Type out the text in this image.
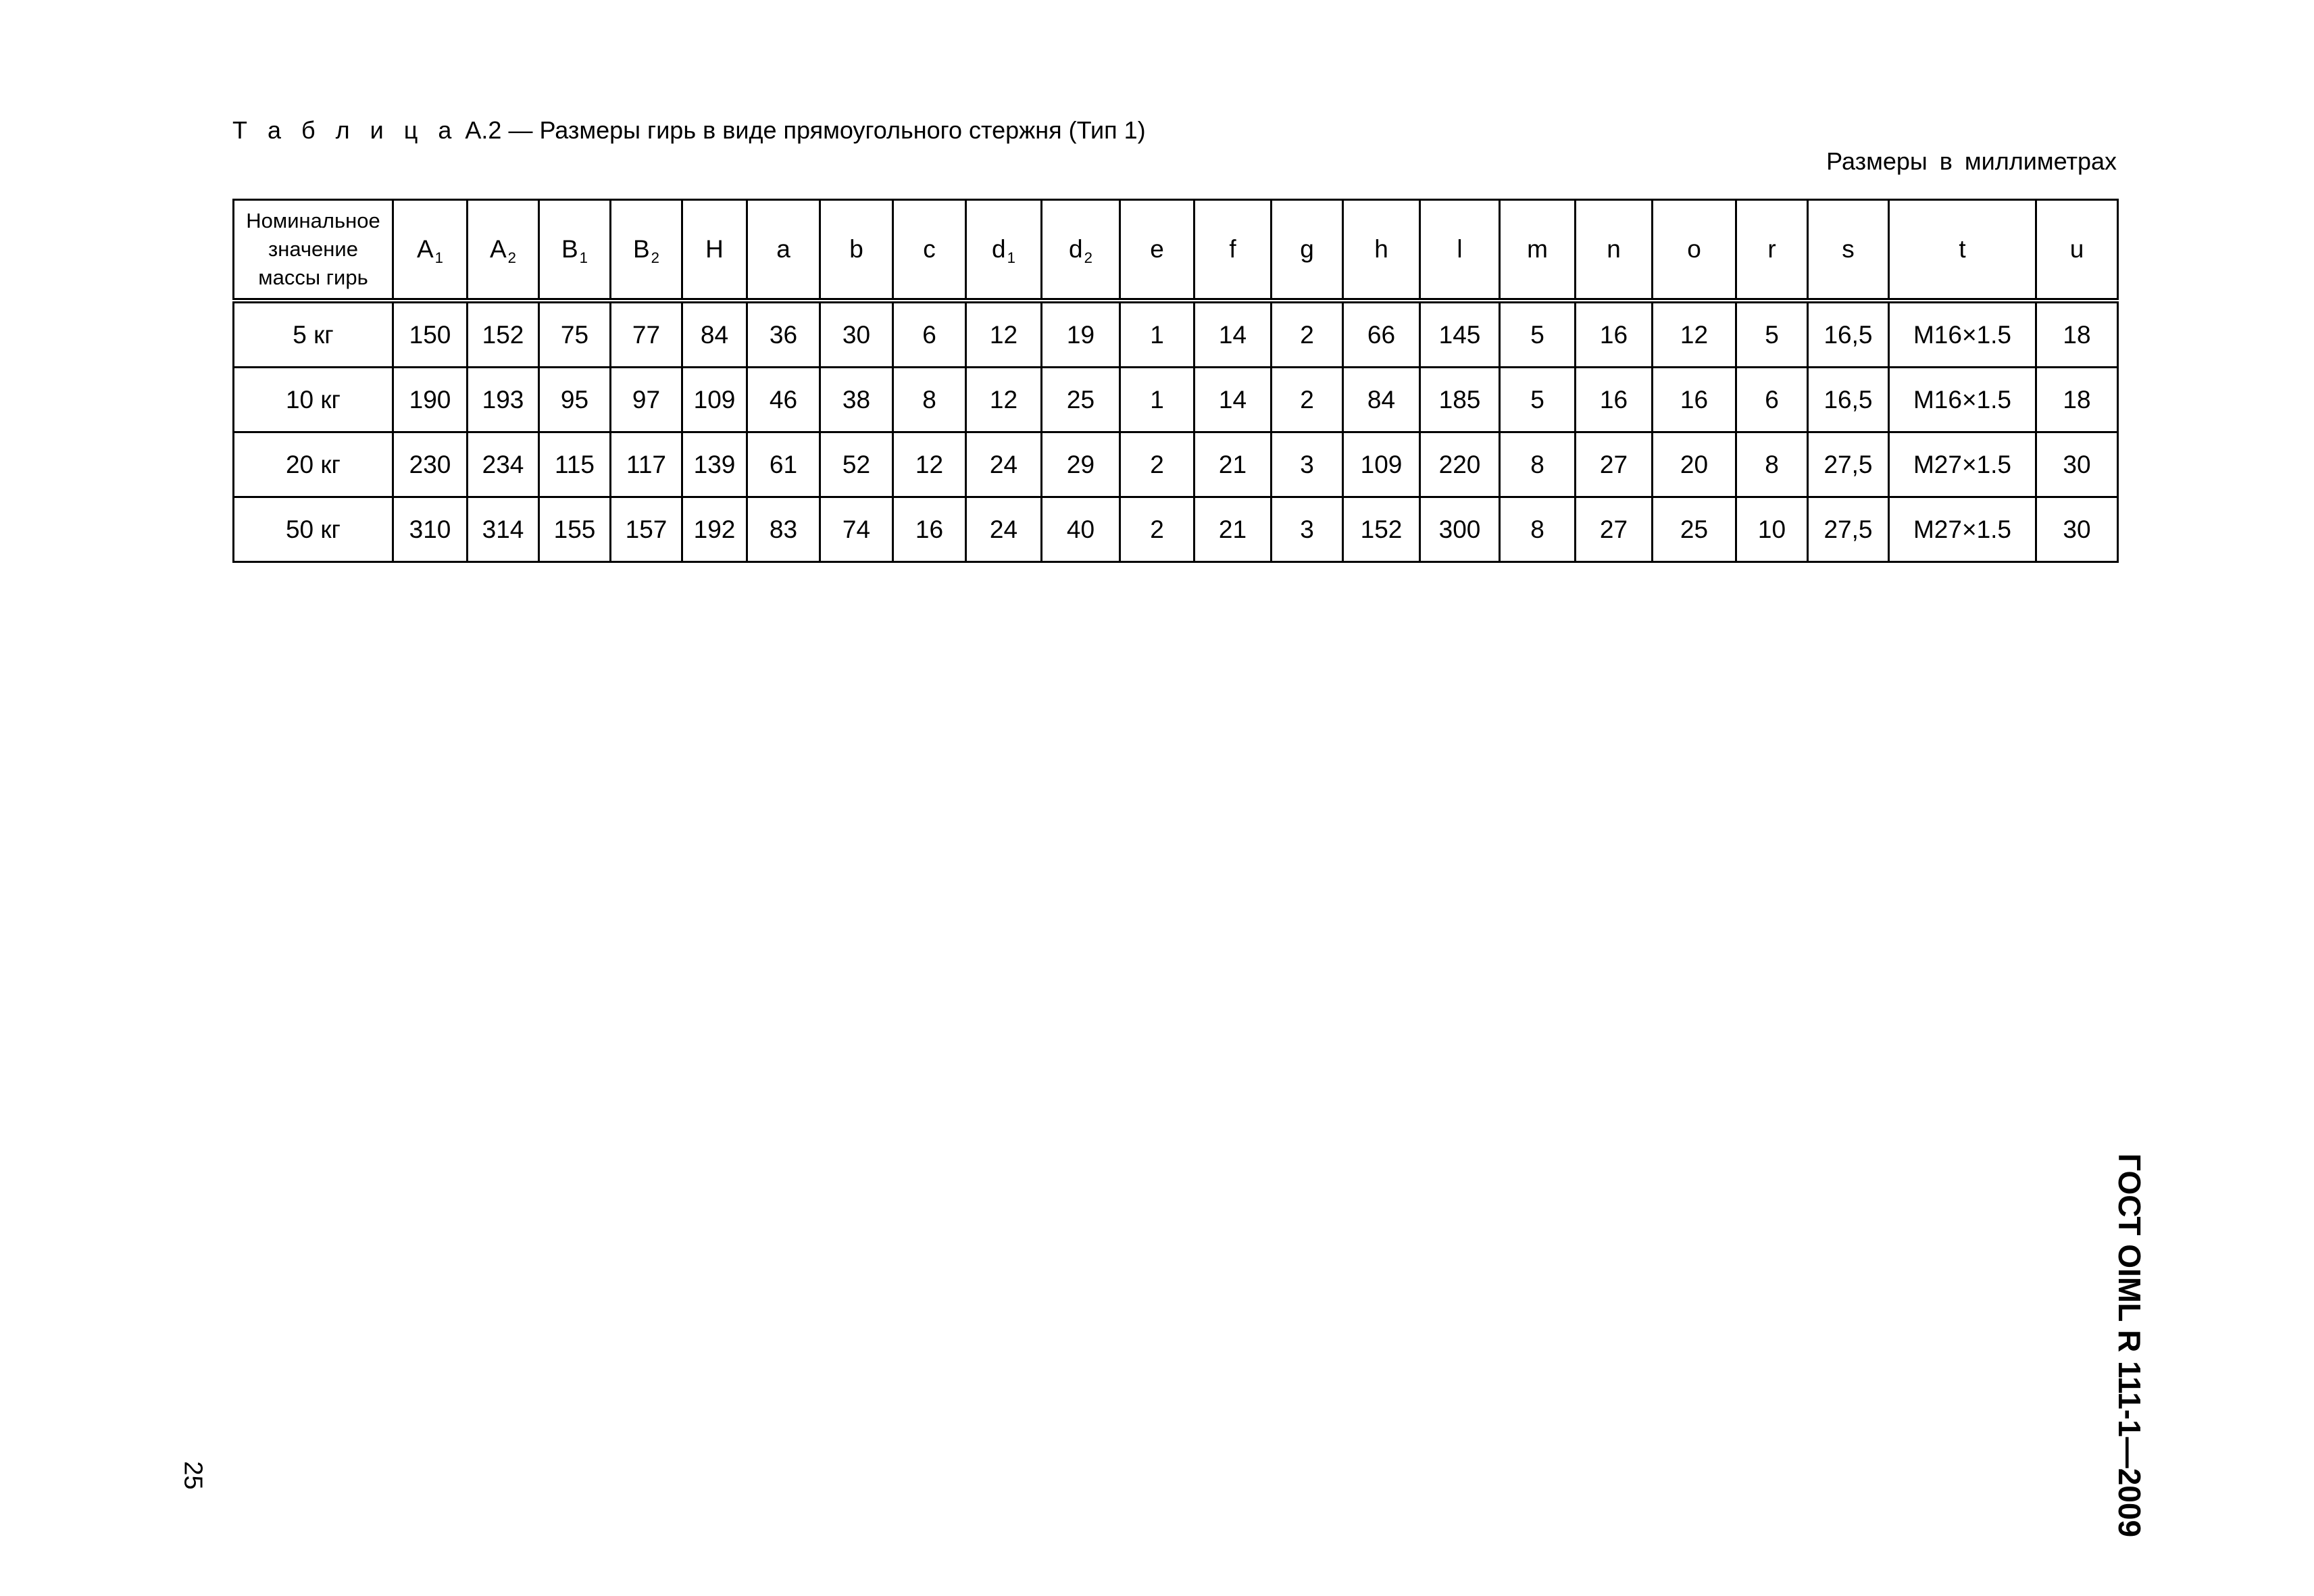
Т а б л и ц а А.2 — Размеры гирь в виде прямоугольного стержня (Тип 1)
Размеры в миллиметрах
Номинальное значение массы гирь	$A_1$	$A_2$	$B_1$	$B_2$	H	a	b	c	$d_1$	$d_2$	e	f	g	h	l	m	n	o	r	s	t	u
5 кг	150	152	75	77	84	36	30	6	12	19	1	14	2	66	145	5	16	12	5	16,5	M16×1.5	18
10 кг	190	193	95	97	109	46	38	8	12	25	1	14	2	84	185	5	16	16	6	16,5	M16×1.5	18
20 кг	230	234	115	117	139	61	52	12	24	29	2	21	3	109	220	8	27	20	8	27,5	M27×1.5	30
50 кг	310	314	155	157	192	83	74	16	24	40	2	21	3	152	300	8	27	25	10	27,5	M27×1.5	30
25	ГОСТ OIML R 111-1—2009
